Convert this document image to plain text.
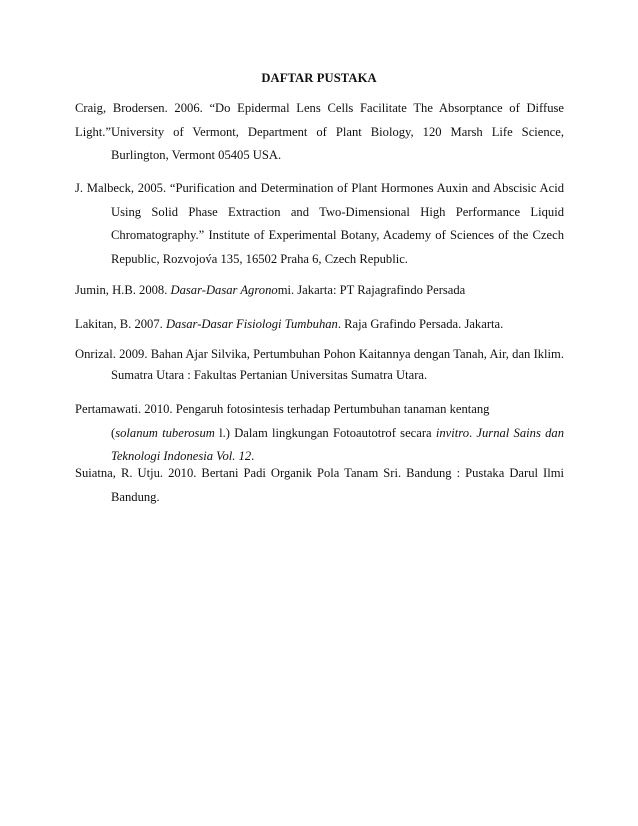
DAFTAR PUSTAKA
Craig, Brodersen. 2006. “Do Epidermal Lens Cells Facilitate The Absorptance of Diffuse Light.” University of Vermont, Department of Plant Biology, 120 Marsh Life Science,
Burlington, Vermont 05405 USA.
J. Malbeck, 2005. “Purification and Determination of Plant Hormones Auxin and Abscisic Acid
Using Solid Phase Extraction and Two-Dimensional High Performance Liquid
Chromatography.” Institute of Experimental Botany, Academy of Sciences of the Czech
Republic, Rozvojov́a 135, 16502 Praha 6, Czech Republic.
Jumin, H.B. 2008. Dasar-Dasar Agronomi. Jakarta: PT Rajagrafindo Persada
Lakitan, B. 2007. Dasar-Dasar Fisiologi Tumbuhan. Raja Grafindo Persada. Jakarta.
Onrizal. 2009. Bahan Ajar Silvika, Pertumbuhan Pohon Kaitannya dengan Tanah, Air, dan Iklim.
Sumatra Utara : Fakultas Pertanian Universitas Sumatra Utara.
Pertamawati. 2010. Pengaruh fotosintesis terhadap Pertumbuhan tanaman kentang
(solanum tuberosum l.) Dalam lingkungan Fotoautotrof secara invitro. Jurnal Sains dan
Teknologi Indonesia Vol. 12.
Suiatna, R. Utju. 2010. Bertani Padi Organik Pola Tanam Sri. Bandung : Pustaka Darul Ilmi
Bandung.
